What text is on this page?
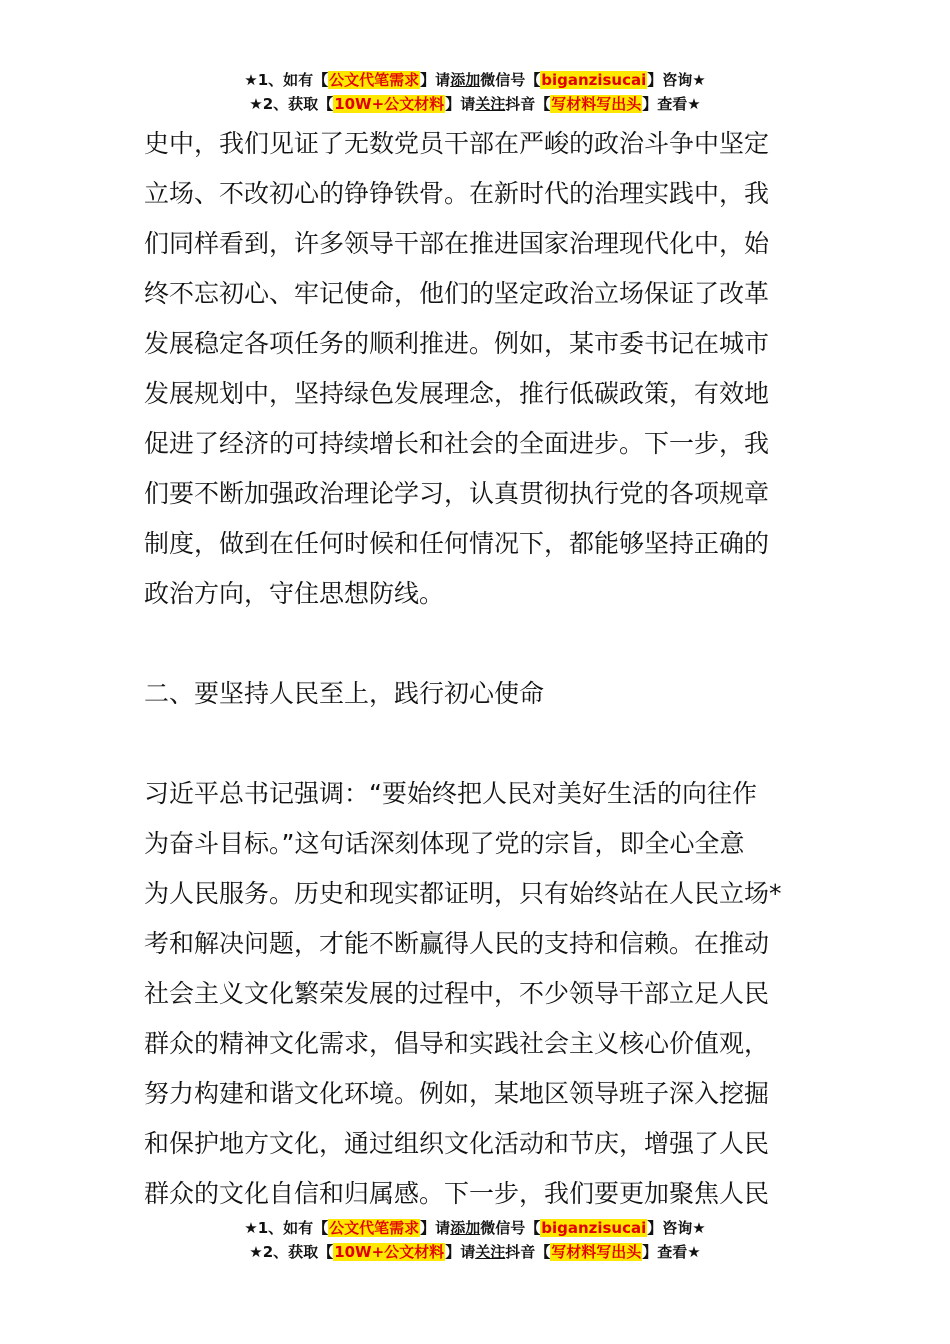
★1、如有【公文代笔需求】请添加微信号【biganzisucai】咨询★
★2、获取【10W+公文材料】请关注抖音【写材料写出头】查看★

史中，我们见证了无数党员干部在严峻的政治斗争中坚定

立场、不改初心的铮铮铁骨。在新时代的治理实践中，我

们同样看到，许多领导干部在推进国家治理现代化中，始

终不忘初心、牢记使命，他们的坚定政治立场保证了改革

发展稳定各项任务的顺利推进。例如，某市委书记在城市

发展规划中，坚持绿色发展理念，推行低碳政策，有效地

促进了经济的可持续增长和社会的全面进步。下一步，我

们要不断加强政治理论学习，认真贯彻执行党的各项规章

制度，做到在任何时候和任何情况下，都能够坚持正确的

政治方向，守住思想防线。

二、要坚持人民至上，践行初心使命

习近平总书记强调：“要始终把人民对美好生活的向往作

为奋斗目标。”这句话深刻体现了党的宗旨，即全心全意

为人民服务。历史和现实都证明，只有始终站在人民立场*

考和解决问题，才能不断赢得人民的支持和信赖。在推动

社会主义文化繁荣发展的过程中，不少领导干部立足人民

群众的精神文化需求，倡导和实践社会主义核心价值观，

努力构建和谐文化环境。例如，某地区领导班子深入挖掘

和保护地方文化，通过组织文化活动和节庆，增强了人民

群众的文化自信和归属感。下一步，我们要更加聚焦人民

★1、如有【公文代笔需求】请添加微信号【biganzisucai】咨询★
★2、获取【10W+公文材料】请关注抖音【写材料写出头】查看★
